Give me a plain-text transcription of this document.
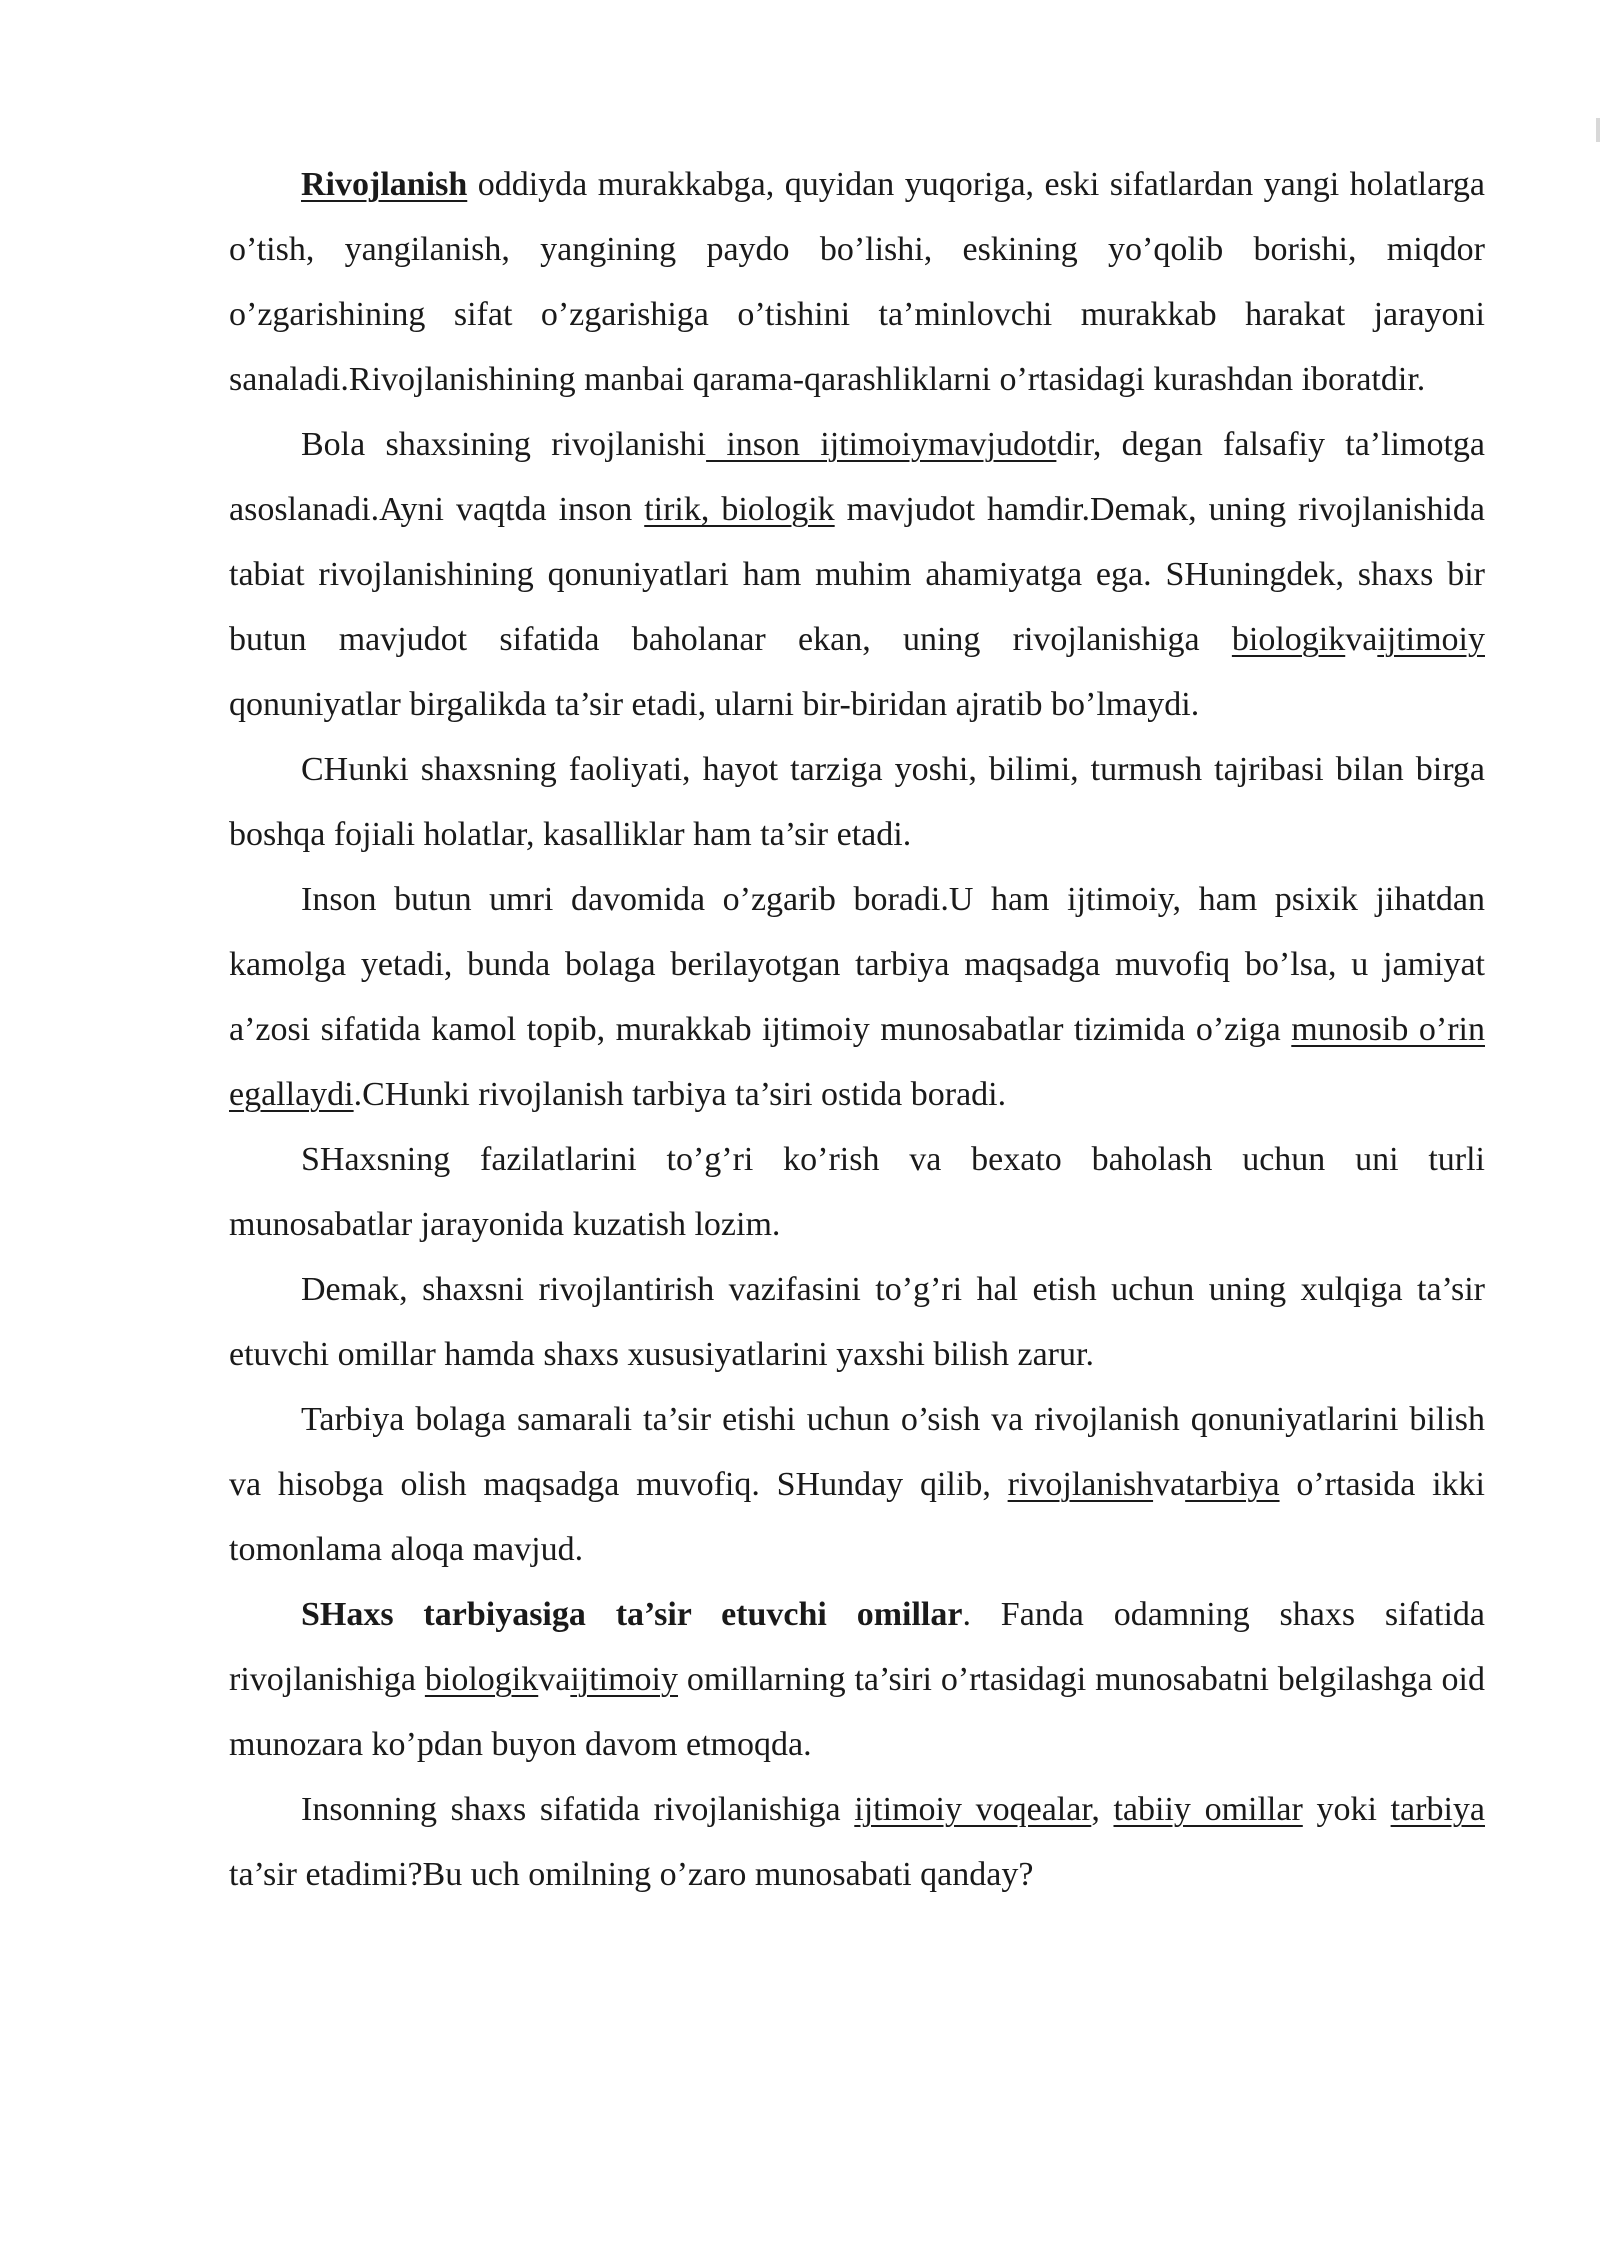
Rivojlanish oddiyda murakkabga, quyidan yuqoriga, eski sifatlardan yangi holatlarga o’tish, yangilanish, yangining paydo bo’lishi, eskining yo’qolib borishi, miqdor o’zgarishining sifat o’zgarishiga o’tishini ta’minlovchi murakkab harakat jarayoni sanaladi.Rivojlanishining manbai qarama-qarashliklarni o’rtasidagi kurashdan iboratdir.

Bola shaxsining rivojlanishi inson ijtimoiymavjudotdir, degan falsafiy ta’limotga asoslanadi.Ayni vaqtda inson tirik, biologik mavjudot hamdir.Demak, uning rivojlanishida tabiat rivojlanishining qonuniyatlari ham muhim ahamiyatga ega. SHuningdek, shaxs bir butun mavjudot sifatida baholanar ekan, uning rivojlanishiga biologikvaijtimoiy qonuniyatlar birgalikda ta’sir etadi, ularni bir-biridan ajratib bo’lmaydi.

CHunki shaxsning faoliyati, hayot tarziga yoshi, bilimi, turmush tajribasi bilan birga boshqa fojiali holatlar, kasalliklar ham ta’sir etadi.

Inson butun umri davomida o’zgarib boradi.U ham ijtimoiy, ham psixik jihatdan kamolga yetadi, bunda bolaga berilayotgan tarbiya maqsadga muvofiq bo’lsa, u jamiyat a’zosi sifatida kamol topib, murakkab ijtimoiy munosabatlar tizimida o’ziga munosib o’rin egallaydi.CHunki rivojlanish tarbiya ta’siri ostida boradi.

SHaxsning fazilatlarini to’g’ri ko’rish va bexato baholash uchun uni turli munosabatlar jarayonida kuzatish lozim.

Demak, shaxsni rivojlantirish vazifasini to’g’ri hal etish uchun uning xulqiga ta’sir etuvchi omillar hamda shaxs xususiyatlarini yaxshi bilish zarur.

Tarbiya bolaga samarali ta’sir etishi uchun o’sish va rivojlanish qonuniyatlarini bilish va hisobga olish maqsadga muvofiq. SHunday qilib, rivojlanishvatarbiya o’rtasida ikki tomonlama aloqa mavjud.

SHaxs tarbiyasiga ta’sir etuvchi omillar. Fanda odamning shaxs sifatida rivojlanishiga biologikvaijtimoiy omillarning ta’siri o’rtasidagi munosabatni belgilashga oid munozara ko’pdan buyon davom etmoqda.

Insonning shaxs sifatida rivojlanishiga ijtimoiy voqealar, tabiiy omillar yoki tarbiya ta’sir etadimi?Bu uch omilning o’zaro munosabati qanday?
